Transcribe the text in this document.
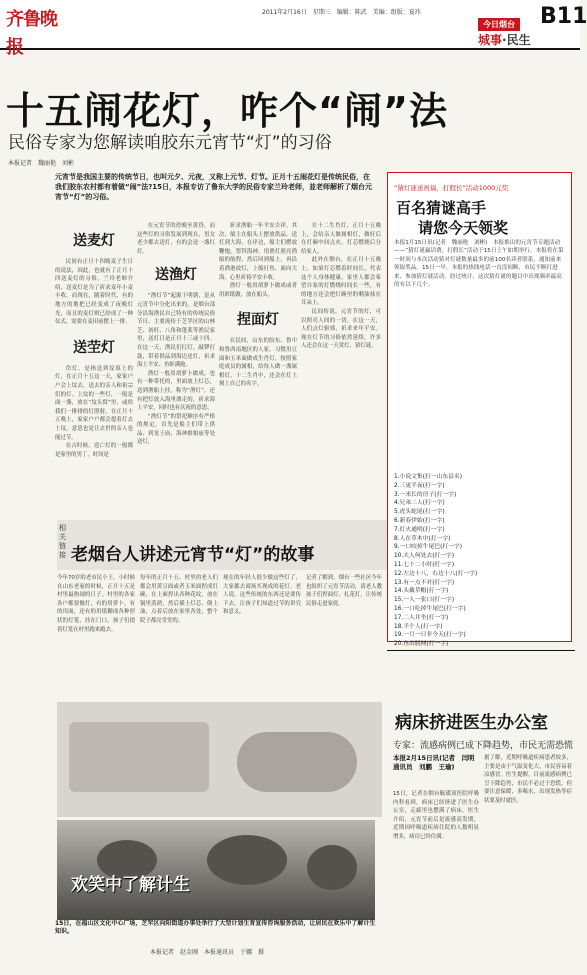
齐鲁晚报
2011年2月16日　星期三　编辑：陈武　美编：组版：夏玮
今日烟台
城事·民生
B11
十五闹花灯，咋个“闹”法
民俗专家为您解读咱胶东元宵节“灯”的习俗
本报记者　魏丽艳　刘彬
元宵节是我国主要的传统节日，也叫元夕、元夜，又称上元节、灯节。正月十五闹花灯是传统民俗，在我们胶东农村都有着做“闹”法?15日，本报专访了鲁东大学的民俗专家兰玲老师，並老师解析了烟台元宵节“灯”的习俗。
送麦灯

民间有正月十四晚麦子生日的说法，因此，也就有了正月十四送麦灯的习俗。兰玲老师介绍，送麦灯是为了祈求麦年小麦丰收，而现在，随着时代，有的地方的地把已经变成了夜晚灯光，而且的麦灯则已经成了一种仪式，需要在麦田前摆上一排。

送茔灯

岱灯，是指送到坟墓上的灯，在正月十五这一天，家家户户会上坟去，送去的亲人和祖宗们的灯。上坟的一些灯，一般是面一盏，放在“坟头窝”里，或给我们一排排的灯照射，在正月十五晚上，家家户户都会提着灯去上坟，意思也是让去世的亲人也能过节。

在古时候，送亡灯的一般都是家里的男丁，时间是

在元宵节的傍晚至黄昏，而这些灯的习俗发展到现在，男女老少都去送灯，有的会送一盏红灯。

送渔灯

“渔灯节”起源于明朝，是从元宵节中分化出来的，是烟台部分沿海渔民自己特有的传统民俗节日。主要流传于芝罘区的山林芝、初旺、八角和蓬莱等渔民家里，送灯日是正月十三或十四。在这一天，渔民们扛灯，敲锣打鼓，带着供品到海边送灯，祈求海上平安、鱼虾满舱。

渔灯一般用胡萝卜做成，也有一种带托的，里面放上灯芯，送到渔船上挂，称为“渔灯”。还有把灯放入海里漂走的，祈求海上平安，同时也有庆祝的意思。

“渔灯节”的祭祀顺序有严格的规定，首先是船主们带上供品，到龙王庙、海神娘娘庙等处送灯，

祈求渔船一年平安吉祥。其次，船主在船头上摆放供品，送灯到大海，在岸边，船主们燃放鞭炮，祭拜海神，用渔灯照亮渔船的航程，然后回到船上，再沿着渔港放灯，上船打鱼，面向大海，心里祈祷平安丰收。

渔灯一般用胡萝卜做成或者用彩纸做，放在船头。

捏面灯

在民间，山东的胶东、鲁中和鲁西南地区的人家，习惯用豆面和玉米面做成生肖灯，按照家庭成员的属相，给每人做一盏属相灯，十二生肖中，还会在灯上刻上自己的名字。

在十二生肖灯，正月十五晚上，会给亲人做属相灯，做好后在灯碗中间点火，灯芯燃烧后分给家人。

此外在烟台，在正月十五晚上，如果灯芯燃着时间长，代表这个人身体健康，家里人都会希望自家的灯燃烧时间长一些，有的地方还会把灯碗里的剩油抹在耳朵上。

民间传说，元宵节的灯，可以照亮人间的一切，在这一天，人们点灯驱邪，祈求来年平安。现在灯节的习俗依然延续，许多人还会在这一天赏灯、猜灯谜。

相关链接 老烟台人讲述元宵节“灯”的故事
今年70岁的老市民小王，小时候在山东老家的时候，正月十五是村里最热闹的日子。村里的各家各户都要做灯，有的用萝卜，有的用面，还有的用纸糊成各种形状的灯笼，挂在门口，孩子们提着灯笼在村里跑来跑去。
每年的正月十五，村里的老人们都会用黄豆面或者玉米面捏成灯碗，在上面捏出各种花纹，放在锅里蒸熟，然后插上灯芯，倒上油，点着后放在家里各处，整个院子都亮堂堂的。
现在的年轻人很少做这些灯了，大家都去商场买现成的花灯。老人说，这些传统的东西还是要传下去，让孩子们知道过节的讲究和意义。
记者了解到，烟台一些社区今年也组织了元宵节活动，请老人教孩子们捏面灯、扎花灯，让传统民俗走进家庭。
欢笑中了解计生
15日，在福山区文化中心广场，芝罘区向阳街道办事处举行了大型计划生育宣传咨询服务活动，让居民在欢乐中了解计生知识。
本报记者　赵金刚　本报通讯员　于娜　摄
“猜灯谜送祝福，打假长”活动1000元奖
百名猜谜高手
请您今天领奖
本报1月15日讯(记者　魏丽艳　刘彬)　本报推出的元宵节专题活动——“猜灯谜赢话费，打假长”活动于15日上午如期举行，本报将在第一时间与本次活动猜对灯谜数量最多的前100名读者联系，通知前来领取奖品。15日一早，本报的热线电话一直没间断，市民不断打进来，参加猜灯谜活动。经过统计，这次猜灯谜的题目中出现频率最高的有以下几个。
1.小说文集(打一山东县名)
2.三更半夜(打一字)
3.一米长的房子(打一字)
4.兄弟二人(打一字)
5.虎头蛇尾(打一字)
6.新春伊始(打一字)
7.灯火通明(打一字)
8.人在草木中(打一字)
9.一口咬掉牛尾巴(打一字)
10.夫人何处去(打一字)
11.七十二小时(打一字)
12.左边十八，右边十八(打一字)
13.有一点不对(打一字)
14.头戴草帽(打一字)
15.一人一张口(打一字)
16.一口吃掉牛尾巴(打一字)
17.二人并坐(打一字)
18.半个人(打一字)
19.一月一日非今天(打一字)
20.鱼出脱网(打一字)
病床挤进医生办公室
专家：流感病例已成下降趋势，市民无需恐慌
本报2月15日讯(记者　闫明　通讯员　刘鹏　王瑜)
15日，记者在烟台毓璜顶医院呼吸内科看到，病床已经挤进了医生办公室，走廊里也摆满了病床。医生介绍，元宵节前后是流感高发期，近期因呼吸道疾病住院的人数明显增多，病房已经住满。
据了解，近期呼吸道疾病患者较多，主要是由于气温变化大，市民容易着凉感冒。医生提醒，目前流感病例已呈下降趋势，市民不必过于恐慌，但要注意保暖，多喝水，出现发热等症状要及时就医。
